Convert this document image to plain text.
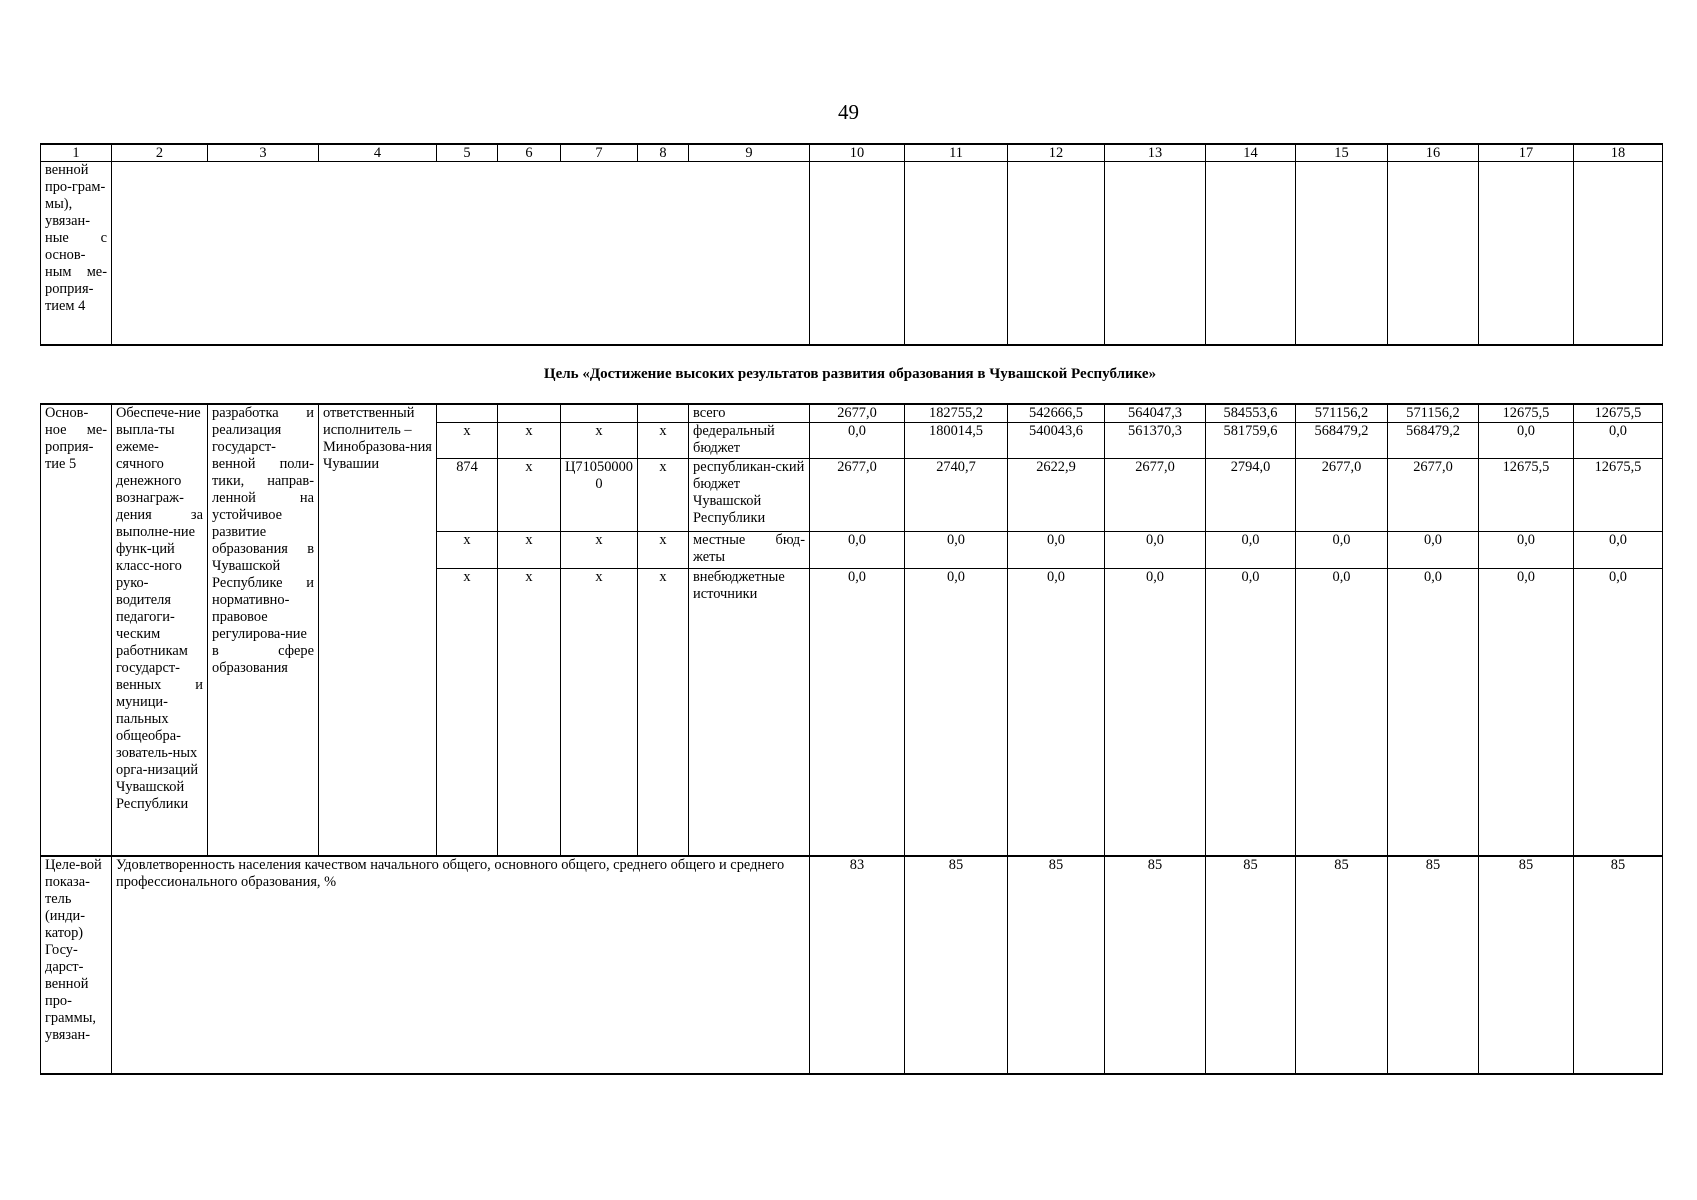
49
1	2	3	4	5	6	7	8	9	10	11	12	13	14	15	16	17	18
венной про-грам-мы), увязан-ные с основ-ным ме-роприя-тием 4																	
Цель «Достижение высоких результатов развития образования в Чувашской Республике»
Основ-ное ме-роприя-тие 5	Обеспече-ние выпла-ты ежеме-сячного денежного вознаграж-дения за выполне-ние функ-ций класс-ного руко-водителя педагоги-ческим работникам государст-венных и муници-пальных общеобра-зователь-ных орга-низаций Чувашской Республики	разработка и реализация государст-венной поли-тики, направ-ленной на устойчивое развитие образования в Чувашской Республике и нормативно-правовое регулирова-ние в сфере образования	ответственный исполнитель – Минобразова-ния Чувашии					всего	2677,0	182755,2	542666,5	564047,3	584553,6	571156,2	571156,2	12675,5	12675,5
				x	x	x	x	федеральный бюджет	0,0	180014,5	540043,6	561370,3	581759,6	568479,2	568479,2	0,0	0,0
				874	x	Ц710500000	x	республикан-ский бюджет Чувашской Республики	2677,0	2740,7	2622,9	2677,0	2794,0	2677,0	2677,0	12675,5	12675,5
				x	x	x	x	местные бюд-жеты	0,0	0,0	0,0	0,0	0,0	0,0	0,0	0,0	0,0
				x	x	x	x	внебюджетные источники	0,0	0,0	0,0	0,0	0,0	0,0	0,0	0,0	0,0
Целе-вой показа-тель (инди-катор) Госу-дарст-венной про-граммы, увязан-	Удовлетворенность населения качеством начального общего, основного общего, среднего общего и среднего профессионального образования, %								83	85	85	85	85	85	85	85	85
